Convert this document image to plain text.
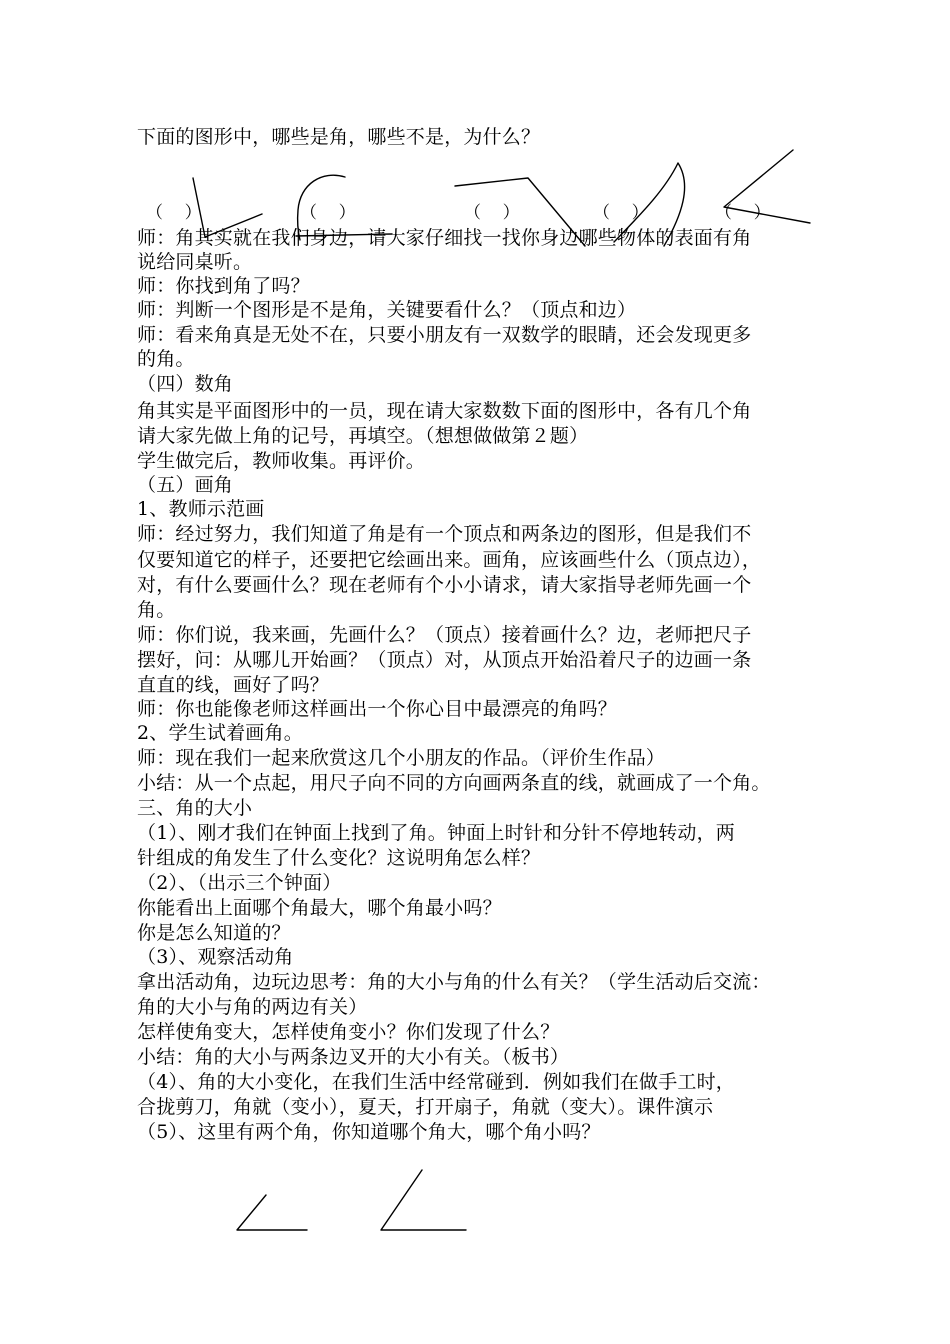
下面的图形中，哪些是角，哪些不是，为什么？
（    ）	（    ）	（    ）	（    ）	（    ）
师：角其实就在我们身边，请大家仔细找一找你身边哪些物体的表面有角
说给同桌听。
师：你找到角了吗？
师：判断一个图形是不是角，关键要看什么？（顶点和边）
师：看来角真是无处不在，只要小朋友有一双数学的眼睛，还会发现更多
的角。
（四）数角
角其实是平面图形中的一员，现在请大家数数下面的图形中，各有几个角
请大家先做上角的记号，再填空。（想想做做第２题）
学生做完后，教师收集。再评价。
（五）画角
1、教师示范画
师：经过努力，我们知道了角是有一个顶点和两条边的图形，但是我们不
仅要知道它的样子，还要把它绘画出来。画角，应该画些什么（顶点边），
对，有什么要画什么？现在老师有个小小请求，请大家指导老师先画一个
角。
师：你们说，我来画，先画什么？（顶点）接着画什么？边，老师把尺子
摆好，问：从哪儿开始画？（顶点）对，从顶点开始沿着尺子的边画一条
直直的线，画好了吗？
师：你也能像老师这样画出一个你心目中最漂亮的角吗？
2、学生试着画角。
师：现在我们一起来欣赏这几个小朋友的作品。（评价生作品）
小结：从一个点起，用尺子向不同的方向画两条直的线，就画成了一个角。
三、角的大小
（1）、刚才我们在钟面上找到了角。钟面上时针和分针不停地转动，两
针组成的角发生了什么变化？这说明角怎么样？
（2）、（出示三个钟面）
你能看出上面哪个角最大，哪个角最小吗？
你是怎么知道的？
（3）、观察活动角
拿出活动角，边玩边思考：角的大小与角的什么有关？（学生活动后交流：
角的大小与角的两边有关）
怎样使角变大，怎样使角变小？你们发现了什么？
小结：角的大小与两条边叉开的大小有关。（板书）
（4）、角的大小变化，在我们生活中经常碰到．例如我们在做手工时，
合拢剪刀，角就（变小），夏天，打开扇子，角就（变大）。课件演示
（5）、这里有两个角，你知道哪个角大，哪个角小吗？
